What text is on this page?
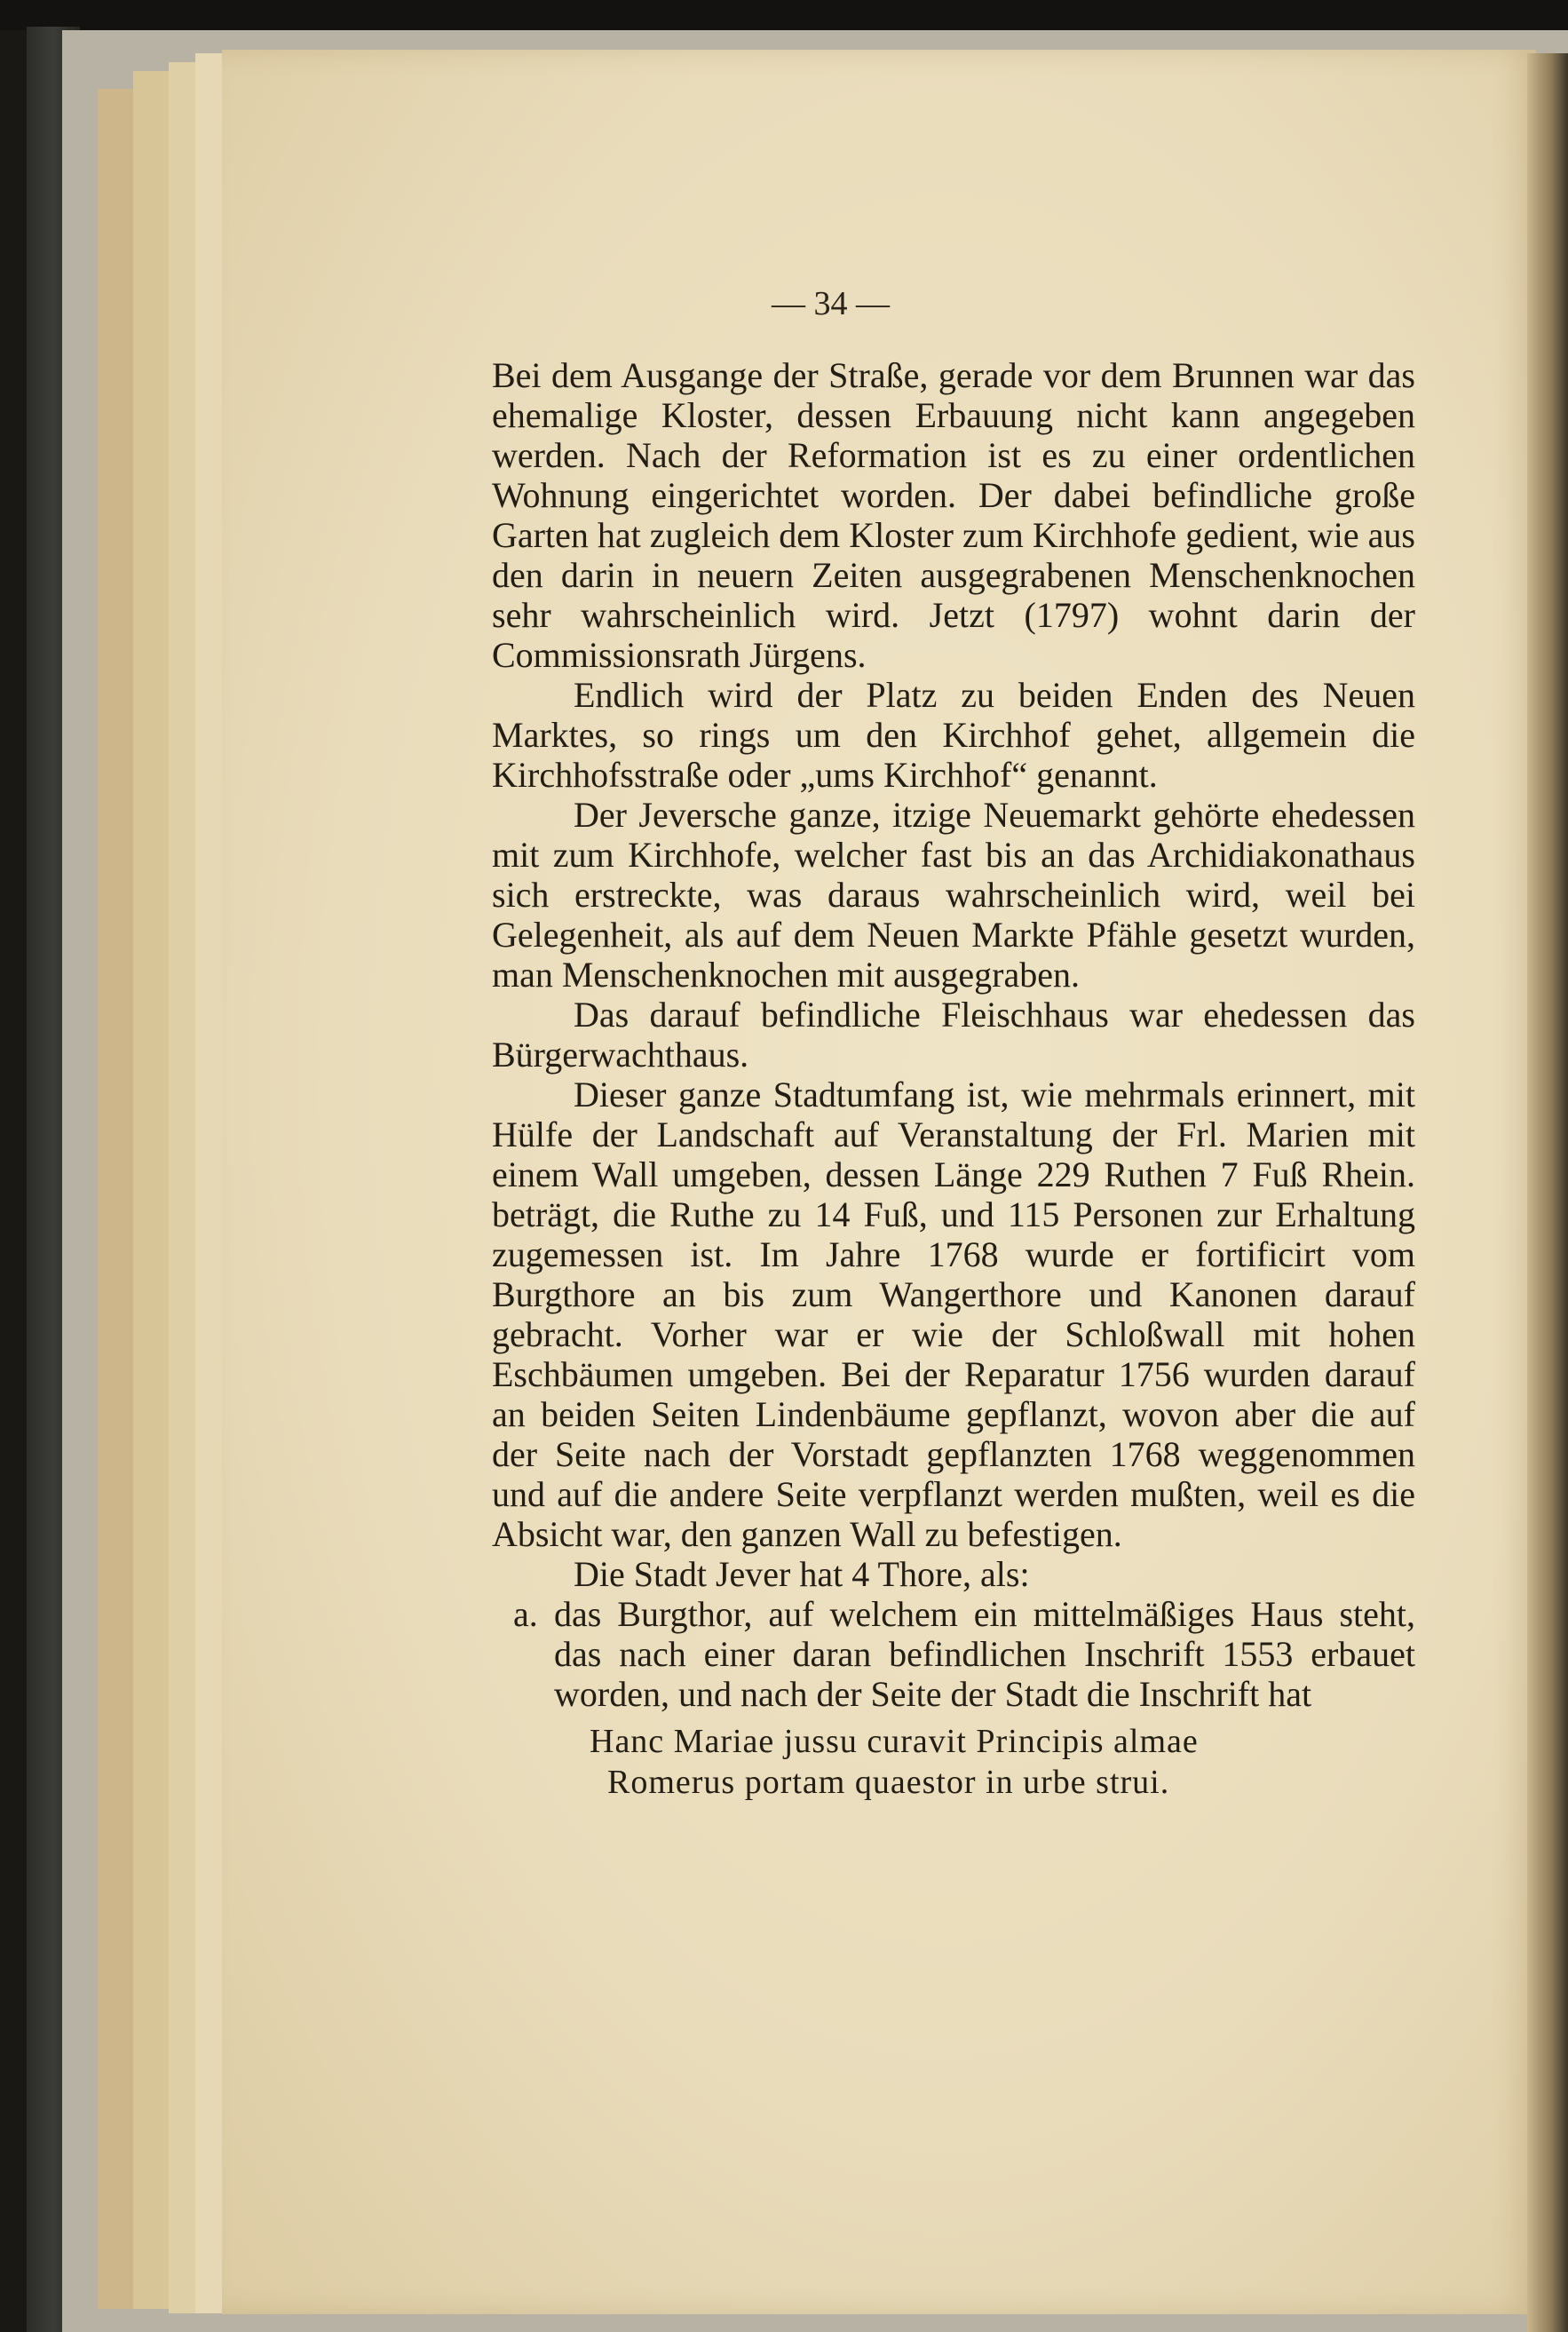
— 34 —

Bei dem Ausgange der Straße, gerade vor dem Brunnen war das ehemalige Kloster, dessen Erbauung nicht kann angegeben werden. Nach der Reformation ist es zu einer ordentlichen Wohnung eingerichtet worden. Der dabei befindliche große Garten hat zugleich dem Kloster zum Kirchhofe gedient, wie aus den darin in neuern Zeiten ausgegrabenen Menschenknochen sehr wahrscheinlich wird. Jetzt (1797) wohnt darin der Commissionsrath Jürgens.

Endlich wird der Platz zu beiden Enden des Neuen Marktes, so rings um den Kirchhof gehet, allgemein die Kirchhofsstraße oder „ums Kirchhof“ genannt.

Der Jeversche ganze, itzige Neuemarkt gehörte ehedessen mit zum Kirchhofe, welcher fast bis an das Archidiakonathaus sich erstreckte, was daraus wahrscheinlich wird, weil bei Gelegenheit, als auf dem Neuen Markte Pfähle gesetzt wurden, man Menschenknochen mit ausgegraben.

Das darauf befindliche Fleischhaus war ehedessen das Bürgerwachthaus.

Dieser ganze Stadtumfang ist, wie mehrmals erinnert, mit Hülfe der Landschaft auf Veranstaltung der Frl. Marien mit einem Wall umgeben, dessen Länge 229 Ruthen 7 Fuß Rhein. beträgt, die Ruthe zu 14 Fuß, und 115 Personen zur Erhaltung zugemessen ist. Im Jahre 1768 wurde er fortificirt vom Burgthore an bis zum Wangerthore und Kanonen darauf gebracht. Vorher war er wie der Schloßwall mit hohen Eschbäumen umgeben. Bei der Reparatur 1756 wurden darauf an beiden Seiten Lindenbäume gepflanzt, wovon aber die auf der Seite nach der Vorstadt gepflanzten 1768 weggenommen und auf die andere Seite verpflanzt werden mußten, weil es die Absicht war, den ganzen Wall zu befestigen.

Die Stadt Jever hat 4 Thore, als:

a. das Burgthor, auf welchem ein mittelmäßiges Haus steht, das nach einer daran befindlichen Inschrift 1553 erbauet worden, und nach der Seite der Stadt die Inschrift hat
Hanc Mariae jussu curavit Principis almae
Romerus portam quaestor in urbe strui.
